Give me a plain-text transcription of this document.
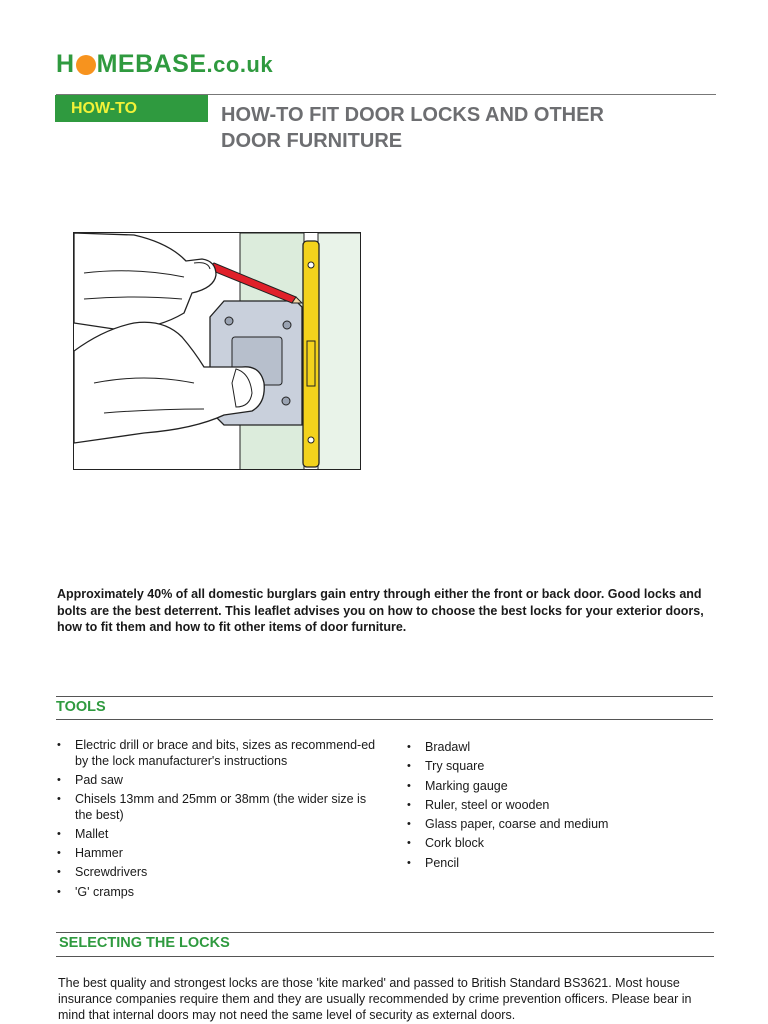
H MEBASE .co.uk
HOW-TO	HOW-TO FIT DOOR LOCKS AND OTHER
DOOR FURNITURE

Approximately 40% of all domestic burglars gain entry through either the front or back door. Good locks and bolts are the best deterrent. This leaflet advises you on how to choose the best locks for your exterior doors, how to fit them and how to fit other items of door furniture.

TOOLS
• Electric drill or brace and bits, sizes as recommend-ed by the lock manufacturer's instructions
• Pad saw
• Chisels 13mm and 25mm or 38mm (the wider size is the best)
• Mallet
• Hammer
• Screwdrivers
• 'G' cramps
• Bradawl
• Try square
• Marking gauge
• Ruler, steel or wooden
• Glass paper, coarse and medium
• Cork block
• Pencil
SELECTING THE LOCKS

The best quality and strongest locks are those 'kite marked' and passed to British Standard BS3621. Most house insurance companies require them and they are usually recommended by crime prevention officers. Please bear in mind that internal doors may not need the same level of security as external doors.
